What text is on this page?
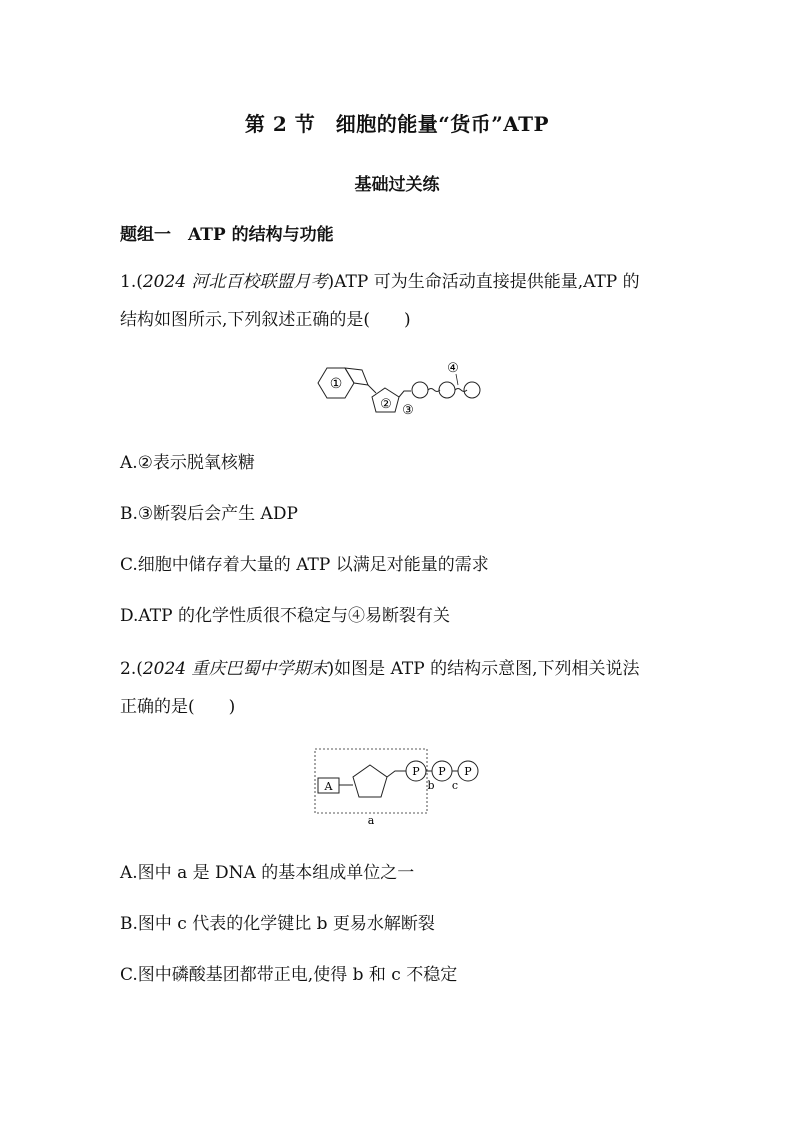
第 2 节　细胞的能量“货币”ATP
基础过关练
题组一　ATP 的结构与功能
1.(2024 河北百校联盟月考)ATP 可为生命活动直接提供能量,ATP 的
结构如图所示,下列叙述正确的是(　　)
①
② ③
④
A.②表示脱氧核糖
B.③断裂后会产生 ADP
C.细胞中储存着大量的 ATP 以满足对能量的需求
D.ATP 的化学性质很不稳定与④易断裂有关
2.(2024 重庆巴蜀中学期末)如图是 ATP 的结构示意图,下列相关说法
正确的是(　　)
A
P P P
b c
a
A.图中 a 是 DNA 的基本组成单位之一
B.图中 c 代表的化学键比 b 更易水解断裂
C.图中磷酸基团都带正电,使得 b 和 c 不稳定
